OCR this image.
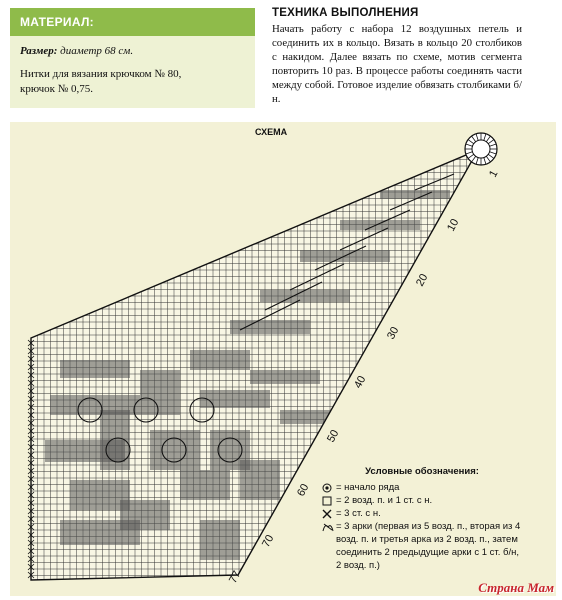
МАТЕРИАЛ:
Размер: диаметр 68 см.
Нитки для вязания крючком № 80,
крючок № 0,75.
ТЕХНИКА ВЫПОЛНЕНИЯ
Начать работу с набора 12 воздушных петель и соединить их в кольцо. Вязать в кольцо 20 столбиков с накидом. Далее вязать по схеме, мотив сегмента повторить 10 раз. В процессе работы соединять части между собой. Готовое изделие обвязать столбиками б/н.
СХЕМА
1
10
20
30
40
50
60
70
77
Условные обозначения:
= начало ряда
= 2 возд. п. и 1 ст. с н.
= 3 ст. с н.
= 3 арки (первая из 5 возд. п., вторая из 4 возд. п. и третья арка из 2 возд. п., затем соединить 2 предыдущие арки с 1 ст. б/н, 2 возд. п.)
Страна Мам
